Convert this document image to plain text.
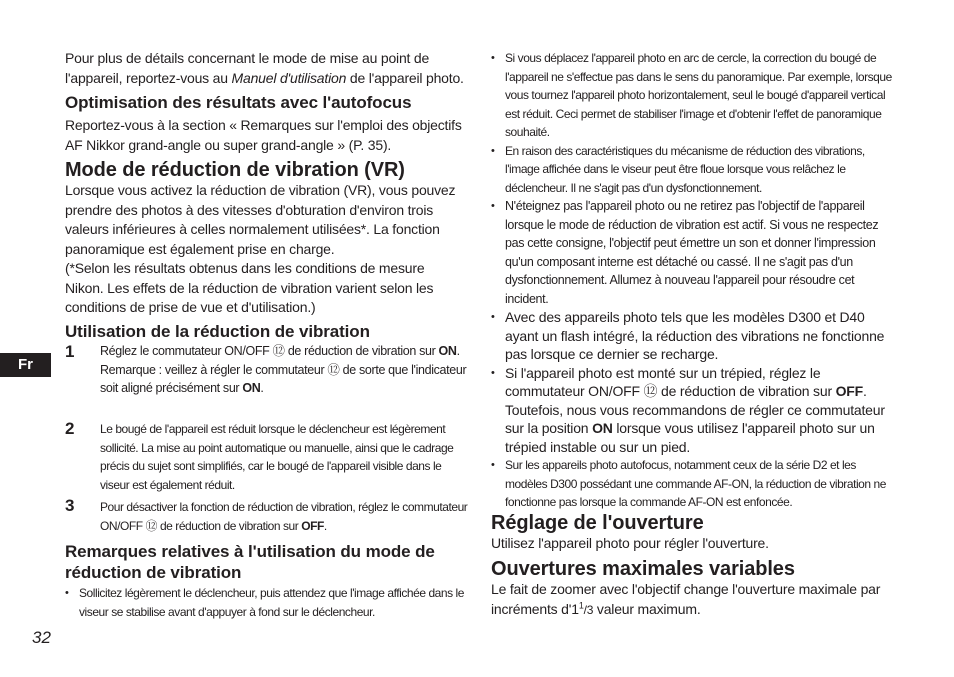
Fr
32

Pour plus de détails concernant le mode de mise au point de l'appareil, reportez-vous au Manuel d'utilisation de l'appareil photo.

Optimisation des résultats avec l'autofocus

Reportez-vous à la section « Remarques sur l'emploi des objectifs AF Nikkor grand-angle ou super grand-angle » (P. 35).

Mode de réduction de vibration (VR)

Lorsque vous activez la réduction de vibration (VR), vous pouvez prendre des photos à des vitesses d'obturation d'environ trois valeurs inférieures à celles normalement utilisées*. La fonction panoramique est également prise en charge.

(*Selon les résultats obtenus dans les conditions de mesure Nikon. Les effets de la réduction de vibration varient selon les conditions de prise de vue et d'utilisation.)

Utilisation de la réduction de vibration
1 Réglez le commutateur ON/OFF ⑫ de réduction de vibration sur ON.
Remarque : veillez à régler le commutateur ⑫ de sorte que l'indicateur soit aligné précisément sur ON.
2 Le bougé de l'appareil est réduit lorsque le déclencheur est légèrement sollicité. La mise au point automatique ou manuelle, ainsi que le cadrage précis du sujet sont simplifiés, car le bougé de l'appareil visible dans le viseur est également réduit.
3 Pour désactiver la fonction de réduction de vibration, réglez le commutateur ON/OFF ⑫ de réduction de vibration sur OFF.
Remarques relatives à l'utilisation du mode de réduction de vibration
• Sollicitez légèrement le déclencheur, puis attendez que l'image affichée dans le viseur se stabilise avant d'appuyer à fond sur le déclencheur.
• Si vous déplacez l'appareil photo en arc de cercle, la correction du bougé de l'appareil ne s'effectue pas dans le sens du panoramique. Par exemple, lorsque vous tournez l'appareil photo horizontalement, seul le bougé d'appareil vertical est réduit. Ceci permet de stabiliser l'image et d'obtenir l'effet de panoramique souhaité.
• En raison des caractéristiques du mécanisme de réduction des vibrations, l'image affichée dans le viseur peut être floue lorsque vous relâchez le déclencheur. Il ne s'agit pas d'un dysfonctionnement.
• N'éteignez pas l'appareil photo ou ne retirez pas l'objectif de l'appareil lorsque le mode de réduction de vibration est actif. Si vous ne respectez pas cette consigne, l'objectif peut émettre un son et donner l'impression qu'un composant interne est détaché ou cassé. Il ne s'agit pas d'un dysfonctionnement. Allumez à nouveau l'appareil pour résoudre cet incident.
• Avec des appareils photo tels que les modèles D300 et D40 ayant un flash intégré, la réduction des vibrations ne fonctionne pas lorsque ce dernier se recharge.
• Si l'appareil photo est monté sur un trépied, réglez le commutateur ON/OFF ⑫ de réduction de vibration sur OFF. Toutefois, nous vous recommandons de régler ce commutateur sur la position ON lorsque vous utilisez l'appareil photo sur un trépied instable ou sur un pied.
• Sur les appareils photo autofocus, notamment ceux de la série D2 et les modèles D300 possédant une commande AF-ON, la réduction de vibration ne fonctionne pas lorsque la commande AF-ON est enfoncée.
Réglage de l'ouverture

Utilisez l'appareil photo pour régler l'ouverture.

Ouvertures maximales variables

Le fait de zoomer avec l'objectif change l'ouverture maximale par incréments $d'1^1/3$ valeur maximum.
